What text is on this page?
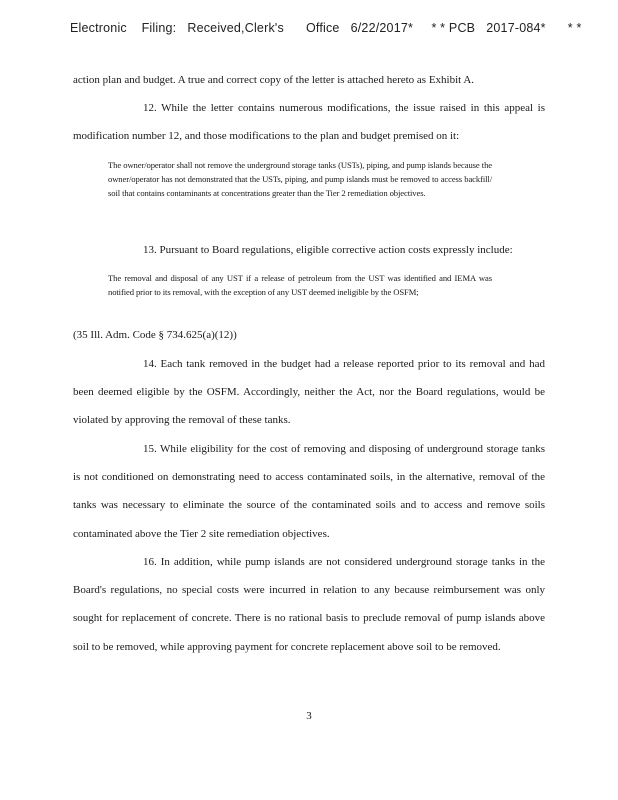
Electronic    Filing:   Received,Clerk's      Office   6/22/2017*     * * PCB   2017-084*      * *

action plan and budget. A true and correct copy of the letter is attached hereto as Exhibit A.

12. While the letter contains numerous modifications, the issue raised in this appeal is modification number 12, and those modifications to the plan and budget premised on it:

The owner/operator shall not remove the underground storage tanks (USTs), piping, and pump islands because the owner/operator has not demonstrated that the USTs, piping, and pump islands must be removed to access backfill/ soil that contains contaminants at concentrations greater than the Tier 2 remediation objectives.

13. Pursuant to Board regulations, eligible corrective action costs expressly include:

The removal and disposal of any UST if a release of petroleum from the UST was identified and IEMA was notified prior to its removal, with the exception of any UST deemed ineligible by the OSFM;

(35 Ill. Adm. Code § 734.625(a)(12))

14. Each tank removed in the budget had a release reported prior to its removal and had been deemed eligible by the OSFM. Accordingly, neither the Act, nor the Board regulations, would be violated by approving the removal of these tanks.

15. While eligibility for the cost of removing and disposing of underground storage tanks is not conditioned on demonstrating need to access contaminated soils, in the alternative, removal of the tanks was necessary to eliminate the source of the contaminated soils and to access and remove soils contaminated above the Tier 2 site remediation objectives.

16. In addition, while pump islands are not considered underground storage tanks in the Board's regulations, no special costs were incurred in relation to any because reimbursement was only sought for replacement of concrete. There is no rational basis to preclude removal of pump islands above soil to be removed, while approving payment for concrete replacement above soil to be removed.

3
